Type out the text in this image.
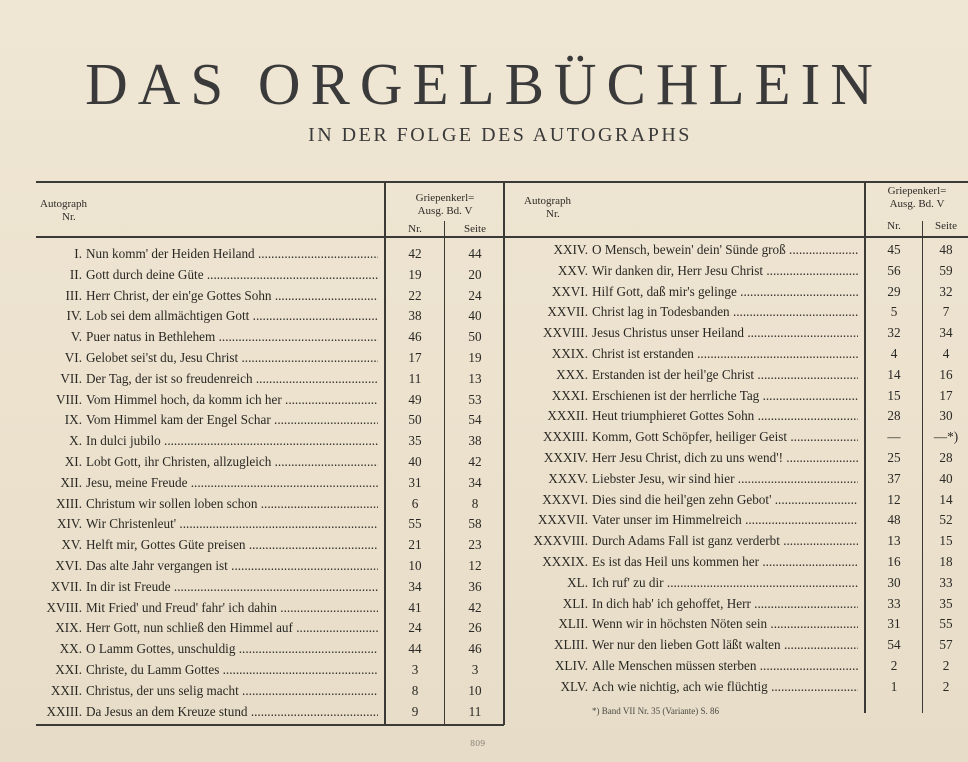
DAS ORGELBÜCHLEIN
IN DER FOLGE DES AUTOGRAPHS
Autograph
Nr.
Griepenkerl=
Ausg. Bd. V
Nr.	Seite
Autograph
Nr.
Griepenkerl=
Ausg. Bd. V
Nr.	Seite
I. Nun komm' der Heiden Heiland .....	42	44
II. Gott durch deine Güte .....	19	20
III. Herr Christ, der ein'ge Gottes Sohn .....	22	24
IV. Lob sei dem allmächtigen Gott .....	38	40
V. Puer natus in Bethlehem .....	46	50
VI. Gelobet sei'st du, Jesu Christ .....	17	19
VII. Der Tag, der ist so freudenreich .....	11	13
VIII. Vom Himmel hoch, da komm ich her .....	49	53
IX. Vom Himmel kam der Engel Schar .....	50	54
X. In dulci jubilo .....	35	38
XI. Lobt Gott, ihr Christen, allzugleich .....	40	42
XII. Jesu, meine Freude .....	31	34
XIII. Christum wir sollen loben schon .....	6	8
XIV. Wir Christenleut' .....	55	58
XV. Helft mir, Gottes Güte preisen .....	21	23
XVI. Das alte Jahr vergangen ist .....	10	12
XVII. In dir ist Freude .....	34	36
XVIII. Mit Fried' und Freud' fahr' ich dahin .....	41	42
XIX. Herr Gott, nun schließ den Himmel auf .....	24	26
XX. O Lamm Gottes, unschuldig .....	44	46
XXI. Christe, du Lamm Gottes .....	3	3
XXII. Christus, der uns selig macht .....	8	10
XXIII. Da Jesus an dem Kreuze stund .....	9	11
XXIV. O Mensch, bewein' dein' Sünde groß .....	45	48
XXV. Wir danken dir, Herr Jesu Christ .....	56	59
XXVI. Hilf Gott, daß mir's gelinge .....	29	32
XXVII. Christ lag in Todesbanden .....	5	7
XXVIII. Jesus Christus unser Heiland .....	32	34
XXIX. Christ ist erstanden .....	4	4
XXX. Erstanden ist der heil'ge Christ .....	14	16
XXXI. Erschienen ist der herrliche Tag .....	15	17
XXXII. Heut triumphieret Gottes Sohn .....	28	30
XXXIII. Komm, Gott Schöpfer, heiliger Geist .....	—	—*)
XXXIV. Herr Jesu Christ, dich zu uns wend'! .....	25	28
XXXV. Liebster Jesu, wir sind hier .....	37	40
XXXVI. Dies sind die heil'gen zehn Gebot' .....	12	14
XXXVII. Vater unser im Himmelreich .....	48	52
XXXVIII. Durch Adams Fall ist ganz verderbt .....	13	15
XXXIX. Es ist das Heil uns kommen her .....	16	18
XL. Ich ruf' zu dir .....	30	33
XLI. In dich hab' ich gehoffet, Herr .....	33	35
XLII. Wenn wir in höchsten Nöten sein .....	31	55
XLIII. Wer nur den lieben Gott läßt walten .....	54	57
XLIV. Alle Menschen müssen sterben .....	2	2
XLV. Ach wie nichtig, ach wie flüchtig .....	1	2
*) Band VII Nr. 35 (Variante) S. 86
809
